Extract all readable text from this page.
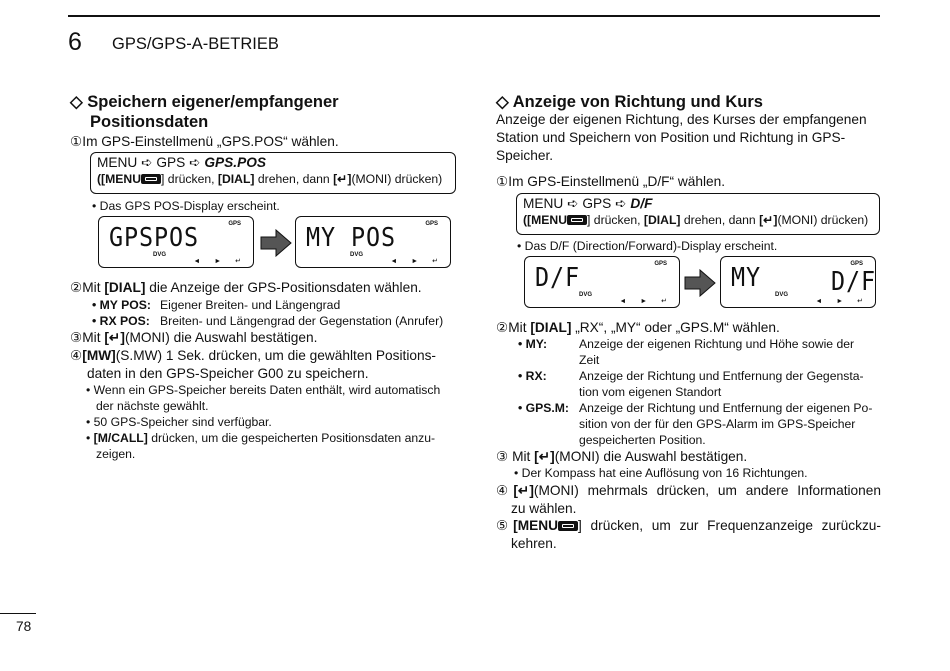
6 GPS/GPS-A-BETRIEB
◇ Speichern eigener/empfangener
Positionsdaten
①Im GPS-Einstellmenü „GPS.POS“ wählen.
MENU ➪ GPS ➪ GPS.POS
([MENU ] drücken, [DIAL] drehen, dann [↵](MONI) drücken)
• Das GPS POS-Display erscheint.
GPS
GPSPOS
DVG
◄ ► ↵
GPS
MY POS
DVG
◄ ► ↵
②Mit [DIAL] die Anzeige der GPS-Positionsdaten wählen.
• MY POS: Eigener Breiten- und Längengrad
• RX POS: Breiten- und Längengrad der Gegenstation (Anrufer)
③Mit [↵](MONI) die Auswahl bestätigen.
④[MW](S.MW) 1 Sek. drücken, um die gewählten Positions-
daten in den GPS-Speicher G00 zu speichern.
• Wenn ein GPS-Speicher bereits Daten enthält, wird automatisch
der nächste gewählt.
• 50 GPS-Speicher sind verfügbar.
• [M/CALL] drücken, um die gespeicherten Positionsdaten anzu-
zeigen.
◇ Anzeige von Richtung und Kurs
Anzeige der eigenen Richtung, des Kurses der empfangenen
Station und Speichern von Position und Richtung in GPS-
Speicher.
①Im GPS-Einstellmenü „D/F“ wählen.
MENU ➪ GPS ➪ D/F
([MENU ] drücken, [DIAL] drehen, dann [↵](MONI) drücken)
• Das D/F (Direction/Forward)-Display erscheint.
GPS
D/F
DVG
◄ ► ↵
GPS
MY	D/F
DVG
◄ ► ↵
②Mit [DIAL] „RX“, „MY“ oder „GPS.M“ wählen.
• MY:	Anzeige der eigenen Richtung und Höhe sowie der
Zeit
• RX:	Anzeige der Richtung und Entfernung der Gegensta-
tion vom eigenen Standort
• GPS.M: Anzeige der Richtung und Entfernung der eigenen Po-
sition von der für den GPS-Alarm im GPS-Speicher
gespeicherten Position.
③ Mit [↵](MONI) die Auswahl bestätigen.
• Der Kompass hat eine Auflösung von 16 Richtungen.
④[↵](MONI) mehrmals drücken, um andere Informationen
zu wählen.
⑤[MENU ] drücken, um zur Frequenzanzeige zurückzu-
kehren.
78
